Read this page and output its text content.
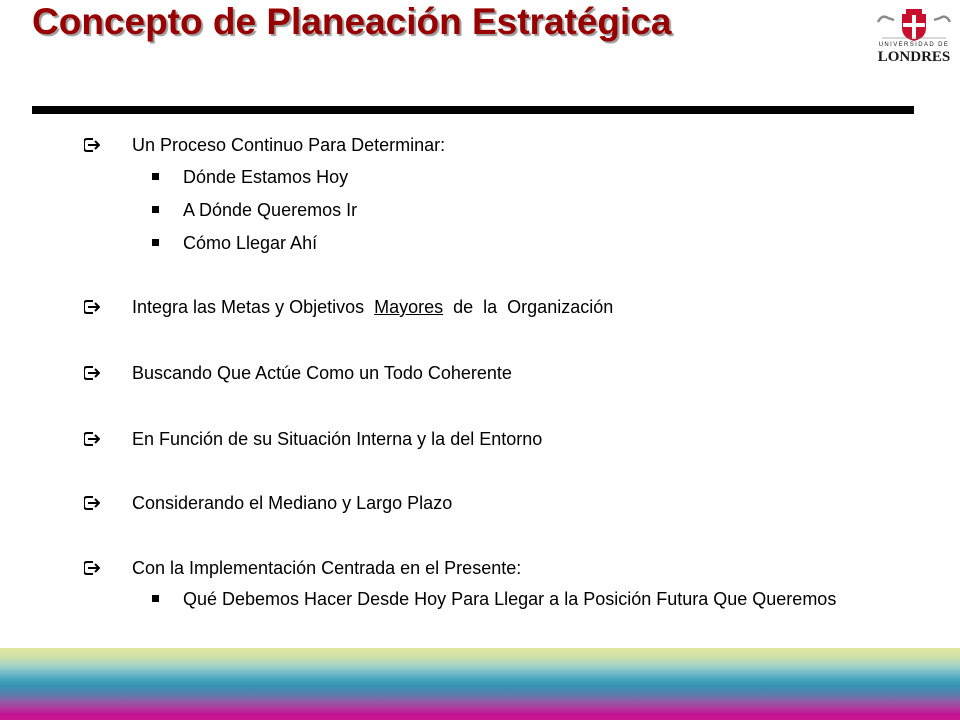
Concepto de Planeación Estratégica
UNIVERSIDAD DE
LONDRES
Un Proceso Continuo Para Determinar:
Dónde Estamos Hoy
A Dónde Queremos Ir
Cómo Llegar Ahí
Integra las Metas y Objetivos  Mayores  de  la  Organización
Buscando Que Actúe Como un Todo Coherente
En Función de su Situación Interna y la del Entorno
Considerando el Mediano y Largo Plazo
Con la Implementación Centrada en el Presente:
Qué Debemos Hacer Desde Hoy Para Llegar a la Posición Futura Que Queremos
